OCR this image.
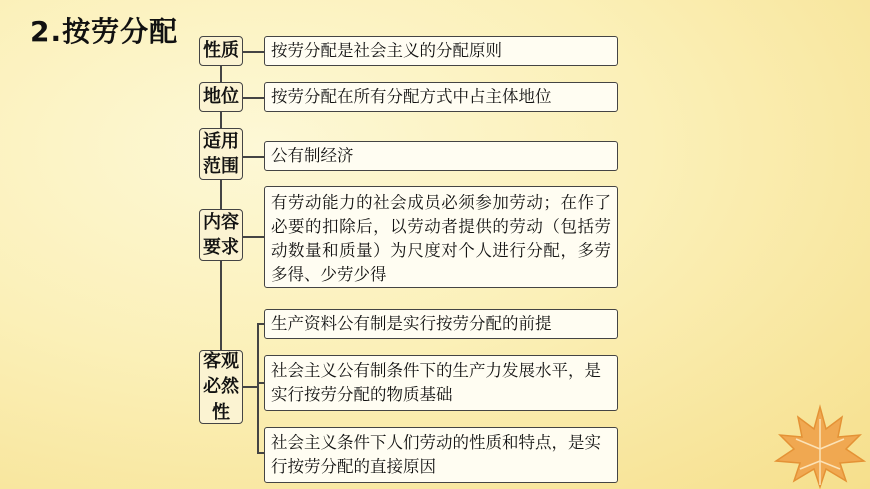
2.按劳分配
性质 按劳分配是社会主义的分配原则
地位 按劳分配在所有分配方式中占主体地位
适用
范围
公有制经济
内容
要求
有劳动能力的社会成员必须参加劳动；在作了必要的扣除后，以劳动者提供的劳动（包括劳动数量和质量）为尺度对个人进行分配，多劳多得、少劳少得
客观
必然
性
生产资料公有制是实行按劳分配的前提
社会主义公有制条件下的生产力发展水平，是实行按劳分配的物质基础
社会主义条件下人们劳动的性质和特点，是实行按劳分配的直接原因
